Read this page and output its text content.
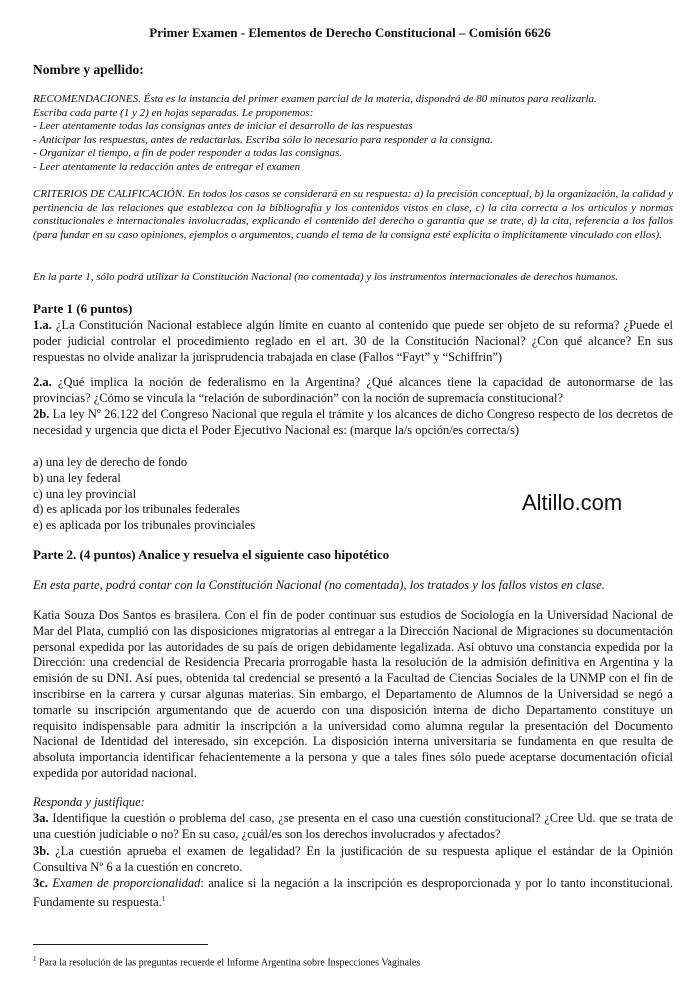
Primer Examen - Elementos de Derecho Constitucional – Comisión 6626
Nombre y apellido:

RECOMENDACIONES. Ésta es la instancia del primer examen parcial de la materia, dispondrá de 80 minutos para realizarla.

Escriba cada parte (1 y 2) en hojas separadas. Le proponemos:

- Leer atentamente todas las consignas antes de iniciar el desarrollo de las respuestas

- Anticipar las respuestas, antes de redactarlas. Escriba sólo lo necesario para responder a la consigna.

- Organizar el tiempo, a fin de poder responder a todas las consignas.

- Leer atentamente la redacción antes de entregar el examen

CRITERIOS DE CALIFICACIÓN. En todos los casos se considerará en su respuesta: a) la precisión conceptual, b) la organización, la calidad y pertinencia de las relaciones que establezca con la bibliografía y los contenidos vistos en clase, c) la cita correcta a los artículos y normas constitucionales e internacionales involucradas, explicando el contenido del derecho o garantía que se trate, d) la cita, referencia a los fallos (para fundar en su caso opiniones, ejemplos o argumentos, cuando el tema de la consigna esté explícita o implícitamente vinculado con ellos).

En la parte 1, sólo podrá utilizar la Constitución Nacional (no comentada) y los instrumentos internacionales de derechos humanos.
Parte 1 (6 puntos)

1.a. ¿La Constitución Nacional establece algún límite en cuanto al contenido que puede ser objeto de su reforma? ¿Puede el poder judicial controlar el procedimiento reglado en el art. 30 de la Constitución Nacional? ¿Con qué alcance? En sus respuestas no olvide analizar la jurisprudencia trabajada en clase (Fallos “Fayt” y “Schiffrin”)

2.a. ¿Qué implica la noción de federalismo en la Argentina? ¿Qué alcances tiene la capacidad de autonormarse de las provincias? ¿Cómo se vincula la “relación de subordinación” con la noción de supremacía constitucional?

2b. La ley Nº 26.122 del Congreso Nacional que regula el trámite y los alcances de dicho Congreso respecto de los decretos de necesidad y urgencia que dicta el Poder Ejecutivo Nacional es: (marque la/s opción/es correcta/s)

a) una ley de derecho de fondo

b) una ley federal

c) una ley provincial

d) es aplicada por los tribunales federales

e) es aplicada por los tribunales provinciales

Altillo.com
Parte 2. (4 puntos) Analice y resuelva el siguiente caso hipotético
En esta parte, podrá contar con la Constitución Nacional (no comentada), los tratados y los fallos vistos en clase.

Katia Souza Dos Santos es brasilera. Con el fin de poder continuar sus estudios de Sociología en la Universidad Nacional de Mar del Plata, cumplió con las disposiciones migratorias al entregar a la Dirección Nacional de Migraciones su documentación personal expedida por las autoridades de su país de origen debidamente legalizada. Así obtuvo una constancia expedida por la Dirección: una credencial de Residencia Precaria prorrogable hasta la resolución de la admisión definitiva en Argentina y la emisión de su DNI. Así pues, obtenida tal credencial se presentó a la Facultad de Ciencias Sociales de la UNMP con el fin de inscribirse en la carrera y cursar algunas materias. Sin embargo, el Departamento de Alumnos de la Universidad se negó a tomarle su inscripción argumentando que de acuerdo con una disposición interna de dicho Departamento constituye un requisito indispensable para admitir la inscripción a la universidad como alumna regular la presentación del Documento Nacional de Identidad del interesado, sin excepción. La disposición interna universitaria se fundamenta en que resulta de absoluta importancia identificar fehacientemente a la persona y que a tales fines sólo puede aceptarse documentación oficial expedida por autoridad nacional.

Responda y justifique:

3a. Identifique la cuestión o problema del caso, ¿se presenta en el caso una cuestión constitucional? ¿Cree Ud. que se trata de una cuestión judiciable o no? En su caso, ¿cuál/es son los derechos involucrados y afectados?

3b. ¿La cuestión aprueba el examen de legalidad? En la justificación de su respuesta aplique el estándar de la Opinión Consultiva Nº 6 a la cuestión en concreto.

3c. Examen de proporcionalidad: analice si la negación a la inscripción es desproporcionada y por lo tanto inconstitucional. Fundamente su respuesta.$^1$

$^1$ Para la resolución de las preguntas recuerde el Informe Argentina sobre Inspecciones Vaginales
